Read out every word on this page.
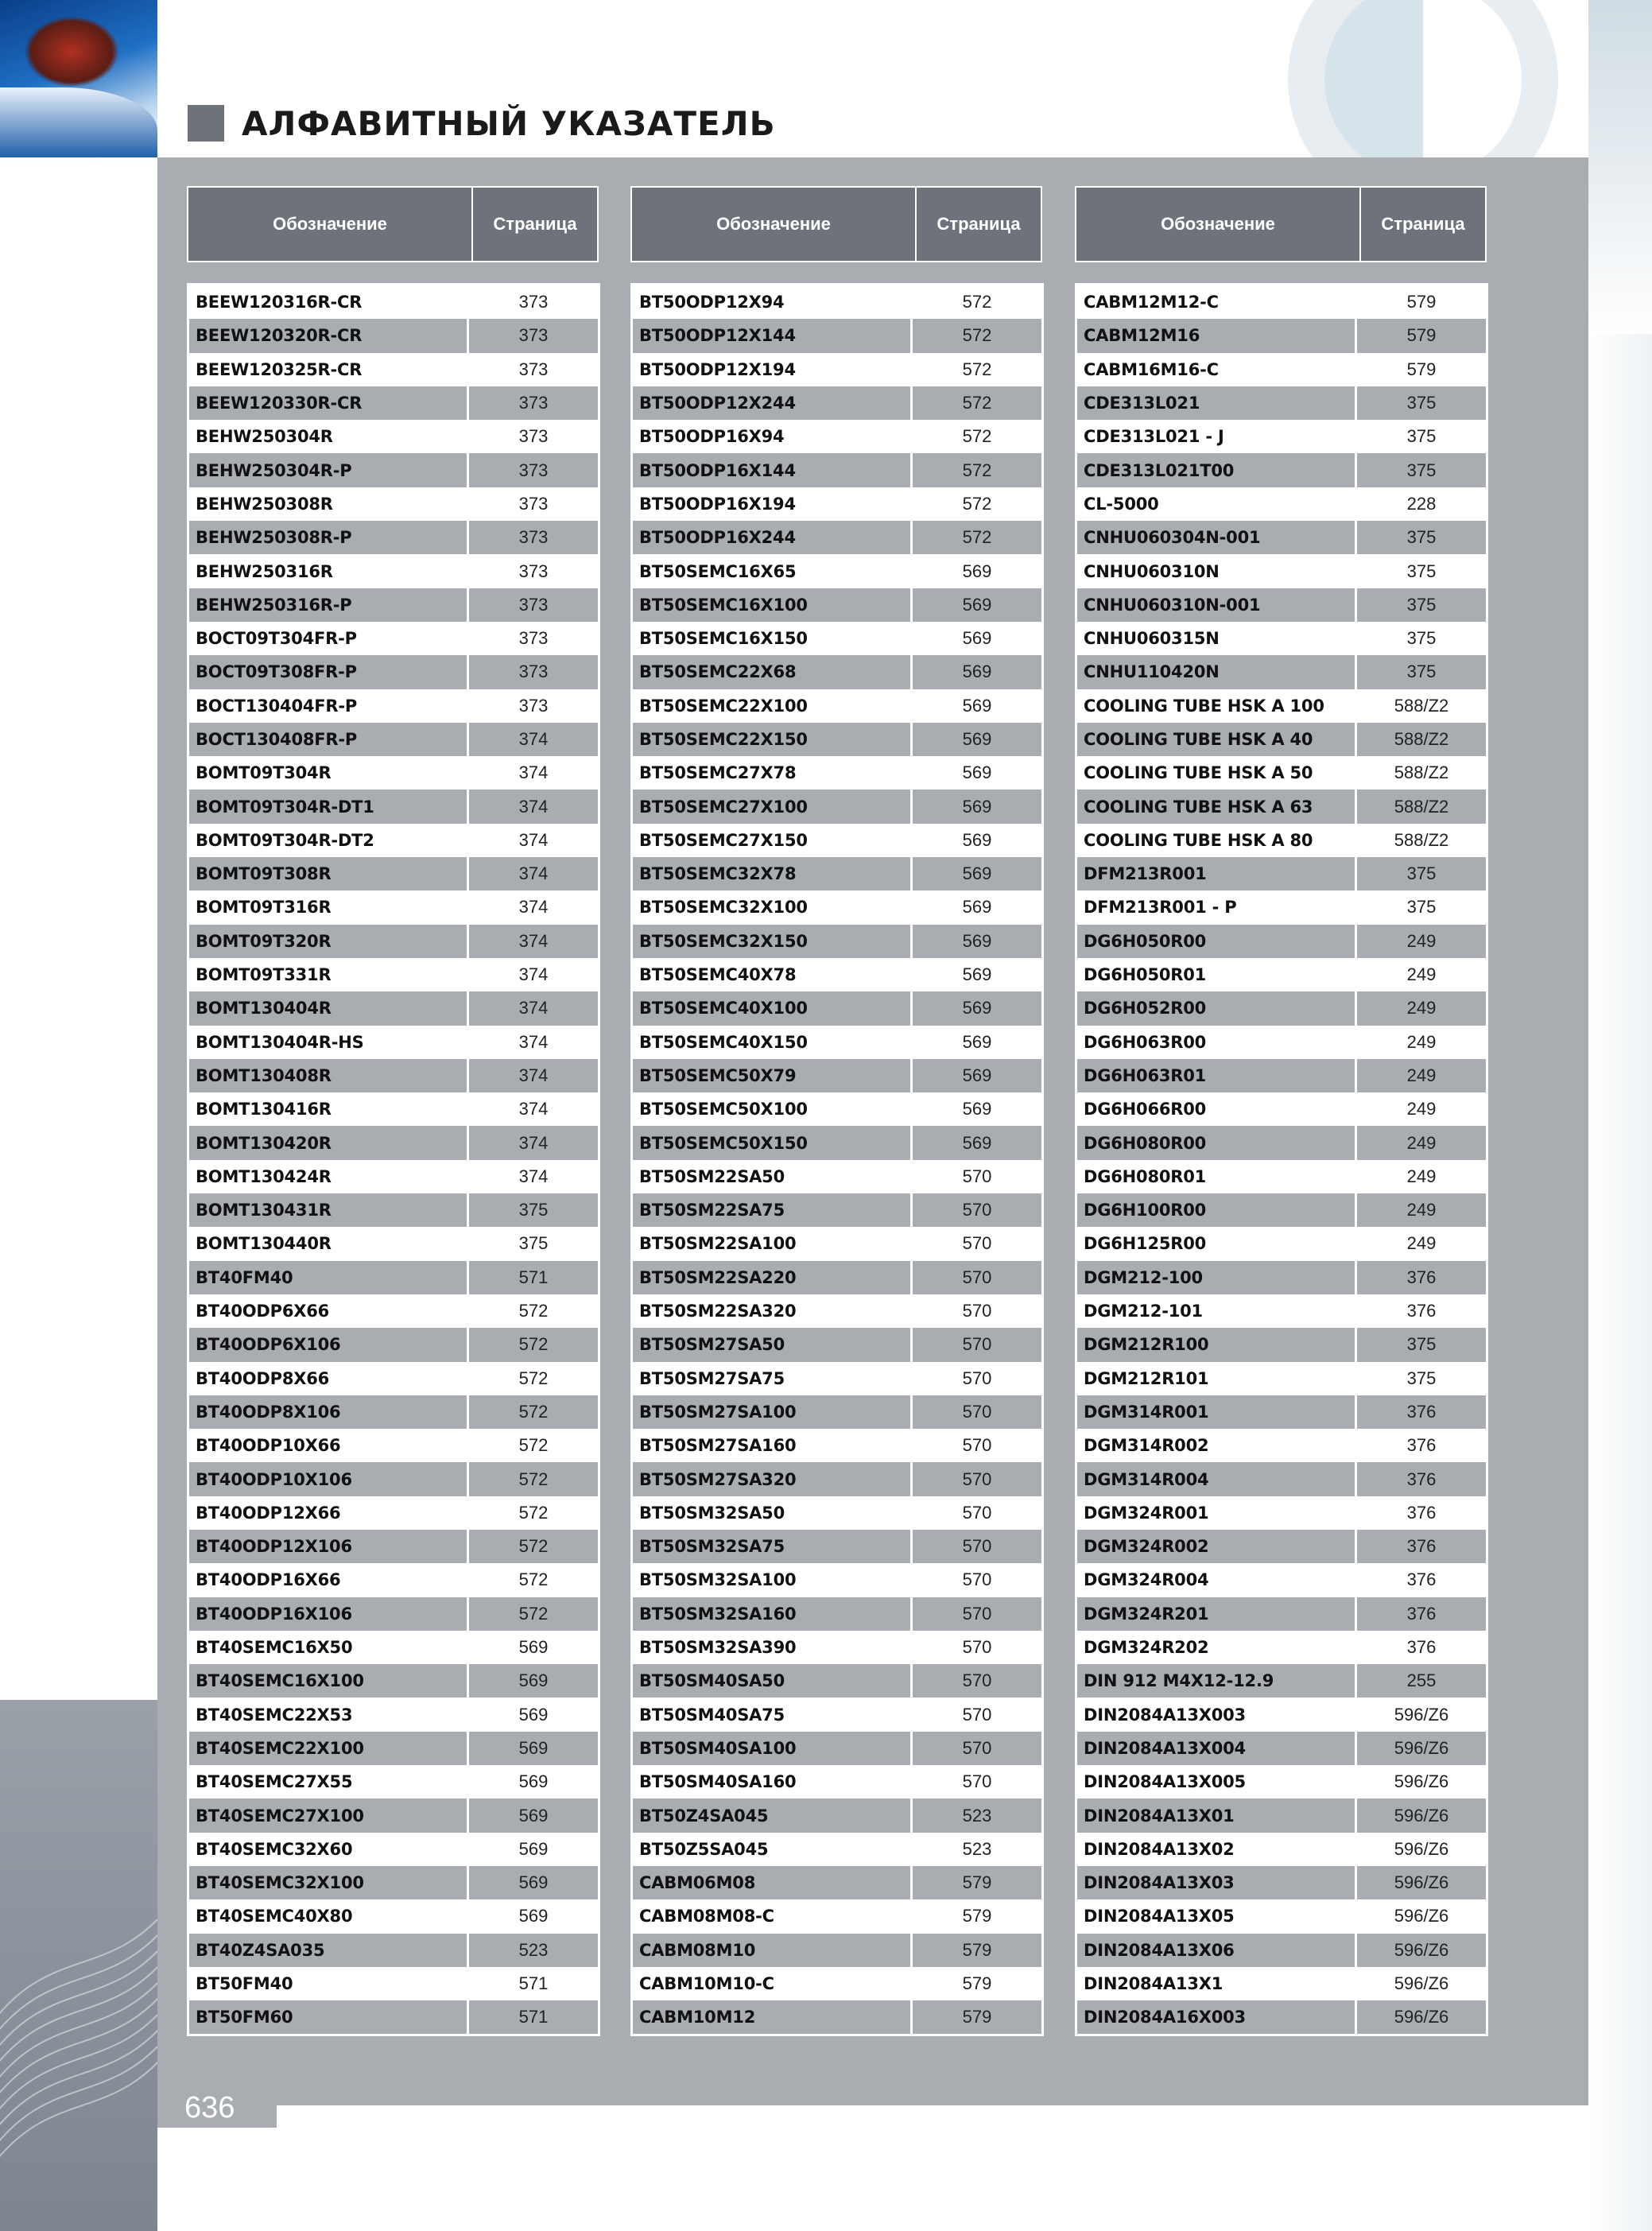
АЛФАВИТНЫЙ УКАЗАТЕЛЬ
Обозначение	Страница	Обозначение	Страница	Обозначение	Страница
BEEW120316R-CR	373
BEEW120320R-CR	373
BEEW120325R-CR	373
BEEW120330R-CR	373
BEHW250304R	373
BEHW250304R-P	373
BEHW250308R	373
BEHW250308R-P	373
BEHW250316R	373
BEHW250316R-P	373
BOCT09T304FR-P	373
BOCT09T308FR-P	373
BOCT130404FR-P	373
BOCT130408FR-P	374
BOMT09T304R	374
BOMT09T304R-DT1	374
BOMT09T304R-DT2	374
BOMT09T308R	374
BOMT09T316R	374
BOMT09T320R	374
BOMT09T331R	374
BOMT130404R	374
BOMT130404R-HS	374
BOMT130408R	374
BOMT130416R	374
BOMT130420R	374
BOMT130424R	374
BOMT130431R	375
BOMT130440R	375
BT40FM40	571
BT40ODP6X66	572
BT40ODP6X106	572
BT40ODP8X66	572
BT40ODP8X106	572
BT40ODP10X66	572
BT40ODP10X106	572
BT40ODP12X66	572
BT40ODP12X106	572
BT40ODP16X66	572
BT40ODP16X106	572
BT40SEMC16X50	569
BT40SEMC16X100	569
BT40SEMC22X53	569
BT40SEMC22X100	569
BT40SEMC27X55	569
BT40SEMC27X100	569
BT40SEMC32X60	569
BT40SEMC32X100	569
BT40SEMC40X80	569
BT40Z4SA035	523
BT50FM40	571
BT50FM60	571
BT50ODP12X94	572
BT50ODP12X144	572
BT50ODP12X194	572
BT50ODP12X244	572
BT50ODP16X94	572
BT50ODP16X144	572
BT50ODP16X194	572
BT50ODP16X244	572
BT50SEMC16X65	569
BT50SEMC16X100	569
BT50SEMC16X150	569
BT50SEMC22X68	569
BT50SEMC22X100	569
BT50SEMC22X150	569
BT50SEMC27X78	569
BT50SEMC27X100	569
BT50SEMC27X150	569
BT50SEMC32X78	569
BT50SEMC32X100	569
BT50SEMC32X150	569
BT50SEMC40X78	569
BT50SEMC40X100	569
BT50SEMC40X150	569
BT50SEMC50X79	569
BT50SEMC50X100	569
BT50SEMC50X150	569
BT50SM22SA50	570
BT50SM22SA75	570
BT50SM22SA100	570
BT50SM22SA220	570
BT50SM22SA320	570
BT50SM27SA50	570
BT50SM27SA75	570
BT50SM27SA100	570
BT50SM27SA160	570
BT50SM27SA320	570
BT50SM32SA50	570
BT50SM32SA75	570
BT50SM32SA100	570
BT50SM32SA160	570
BT50SM32SA390	570
BT50SM40SA50	570
BT50SM40SA75	570
BT50SM40SA100	570
BT50SM40SA160	570
BT50Z4SA045	523
BT50Z5SA045	523
CABM06M08	579
CABM08M08-C	579
CABM08M10	579
CABM10M10-C	579
CABM10M12	579
CABM12M12-C	579
CABM12M16	579
CABM16M16-C	579
CDE313L021	375
CDE313L021 - J	375
CDE313L021T00	375
CL-5000	228
CNHU060304N-001	375
CNHU060310N	375
CNHU060310N-001	375
CNHU060315N	375
CNHU110420N	375
COOLING TUBE HSK A 100	588/Z2
COOLING TUBE HSK A 40	588/Z2
COOLING TUBE HSK A 50	588/Z2
COOLING TUBE HSK A 63	588/Z2
COOLING TUBE HSK A 80	588/Z2
DFM213R001	375
DFM213R001 - P	375
DG6H050R00	249
DG6H050R01	249
DG6H052R00	249
DG6H063R00	249
DG6H063R01	249
DG6H066R00	249
DG6H080R00	249
DG6H080R01	249
DG6H100R00	249
DG6H125R00	249
DGM212-100	376
DGM212-101	376
DGM212R100	375
DGM212R101	375
DGM314R001	376
DGM314R002	376
DGM314R004	376
DGM324R001	376
DGM324R002	376
DGM324R004	376
DGM324R201	376
DGM324R202	376
DIN 912 M4X12-12.9	255
DIN2084A13X003	596/Z6
DIN2084A13X004	596/Z6
DIN2084A13X005	596/Z6
DIN2084A13X01	596/Z6
DIN2084A13X02	596/Z6
DIN2084A13X03	596/Z6
DIN2084A13X05	596/Z6
DIN2084A13X06	596/Z6
DIN2084A13X1	596/Z6
DIN2084A16X003	596/Z6
636
